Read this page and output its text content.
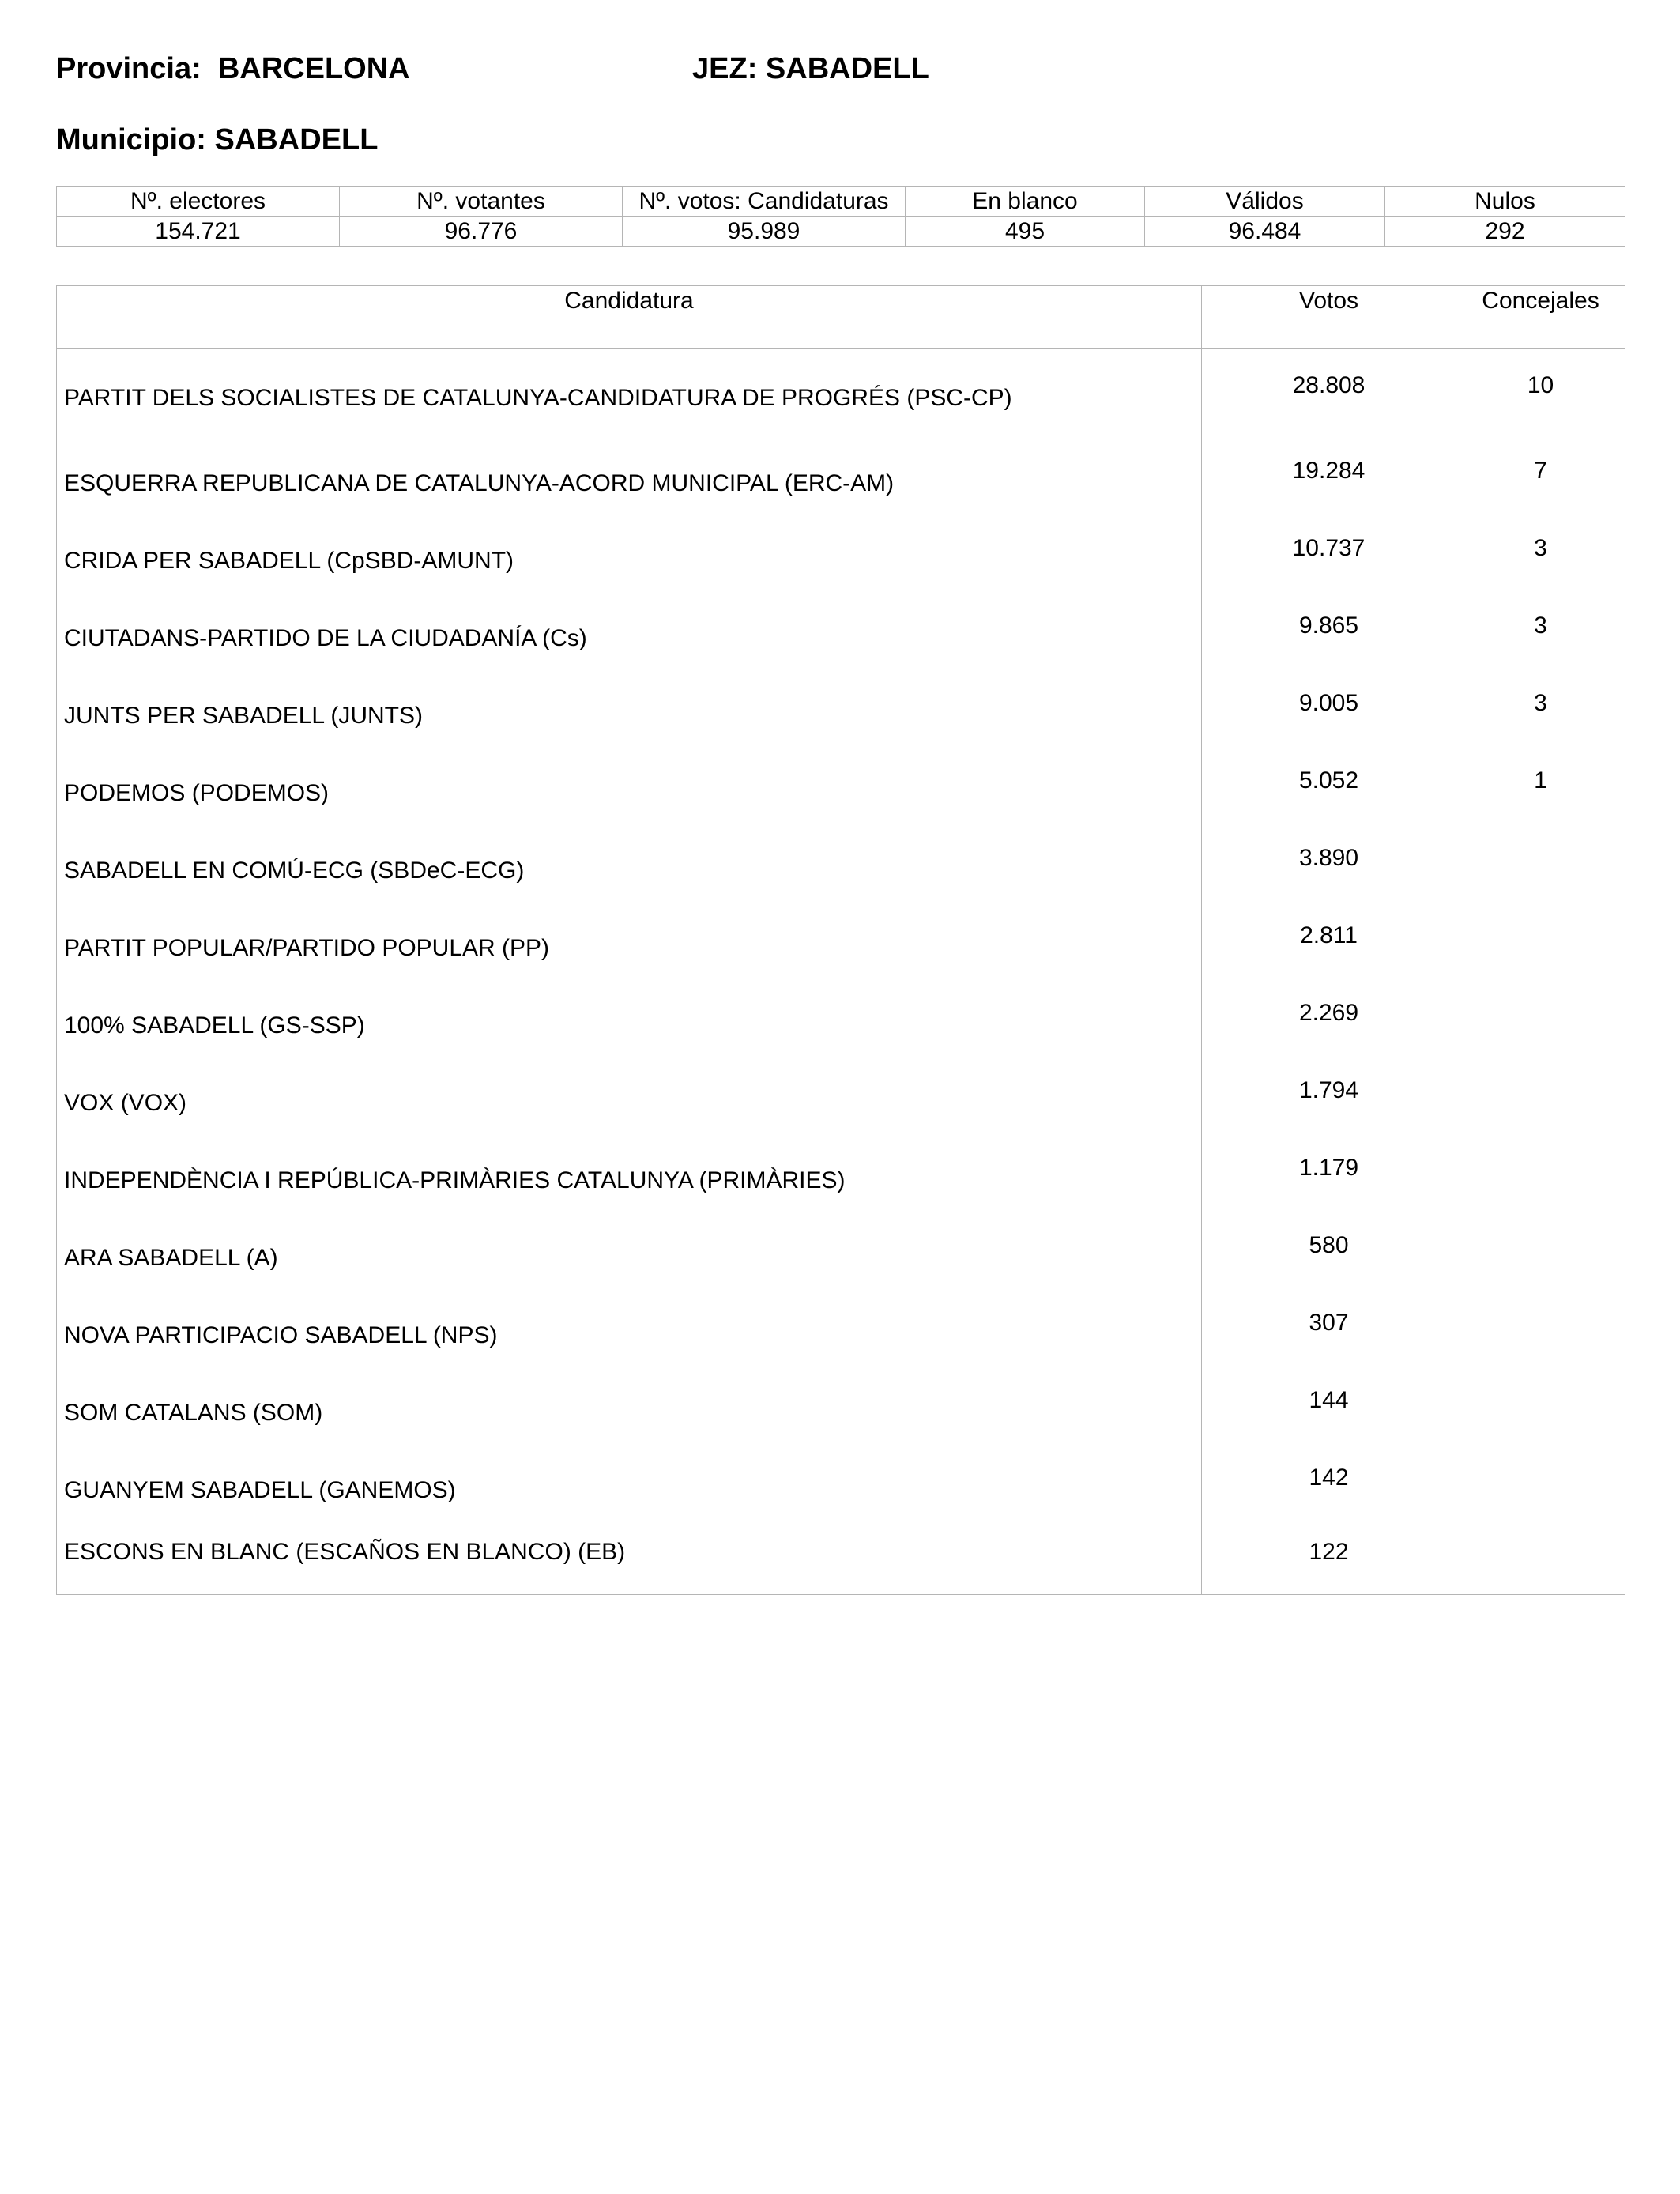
Provincia:  BARCELONA	JEZ: SABADELL
Municipio: SABADELL
Nº. electores	Nº. votantes	Nº. votos: Candidaturas	En blanco	Válidos	Nulos
154.721	96.776	95.989	495	96.484	292
Candidatura	Votos	Concejales
PARTIT DELS SOCIALISTES DE CATALUNYA-CANDIDATURA DE PROGRÉS (PSC-CP)	28.808	10
ESQUERRA REPUBLICANA DE CATALUNYA-ACORD MUNICIPAL (ERC-AM)	19.284	7
CRIDA PER SABADELL (CpSBD-AMUNT)	10.737	3
CIUTADANS-PARTIDO DE LA CIUDADANÍA (Cs)	9.865	3
JUNTS PER SABADELL (JUNTS)	9.005	3
PODEMOS (PODEMOS)	5.052	1
SABADELL EN COMÚ-ECG (SBDeC-ECG)	3.890	
PARTIT POPULAR/PARTIDO POPULAR (PP)	2.811	
100% SABADELL (GS-SSP)	2.269	
VOX (VOX)	1.794	
INDEPENDÈNCIA I REPÚBLICA-PRIMÀRIES CATALUNYA (PRIMÀRIES)	1.179	
ARA SABADELL (A)	580	
NOVA PARTICIPACIO SABADELL (NPS)	307	
SOM CATALANS (SOM)	144	
GUANYEM SABADELL (GANEMOS)	142	
ESCONS EN BLANC (ESCAÑOS EN BLANCO) (EB)	122	
